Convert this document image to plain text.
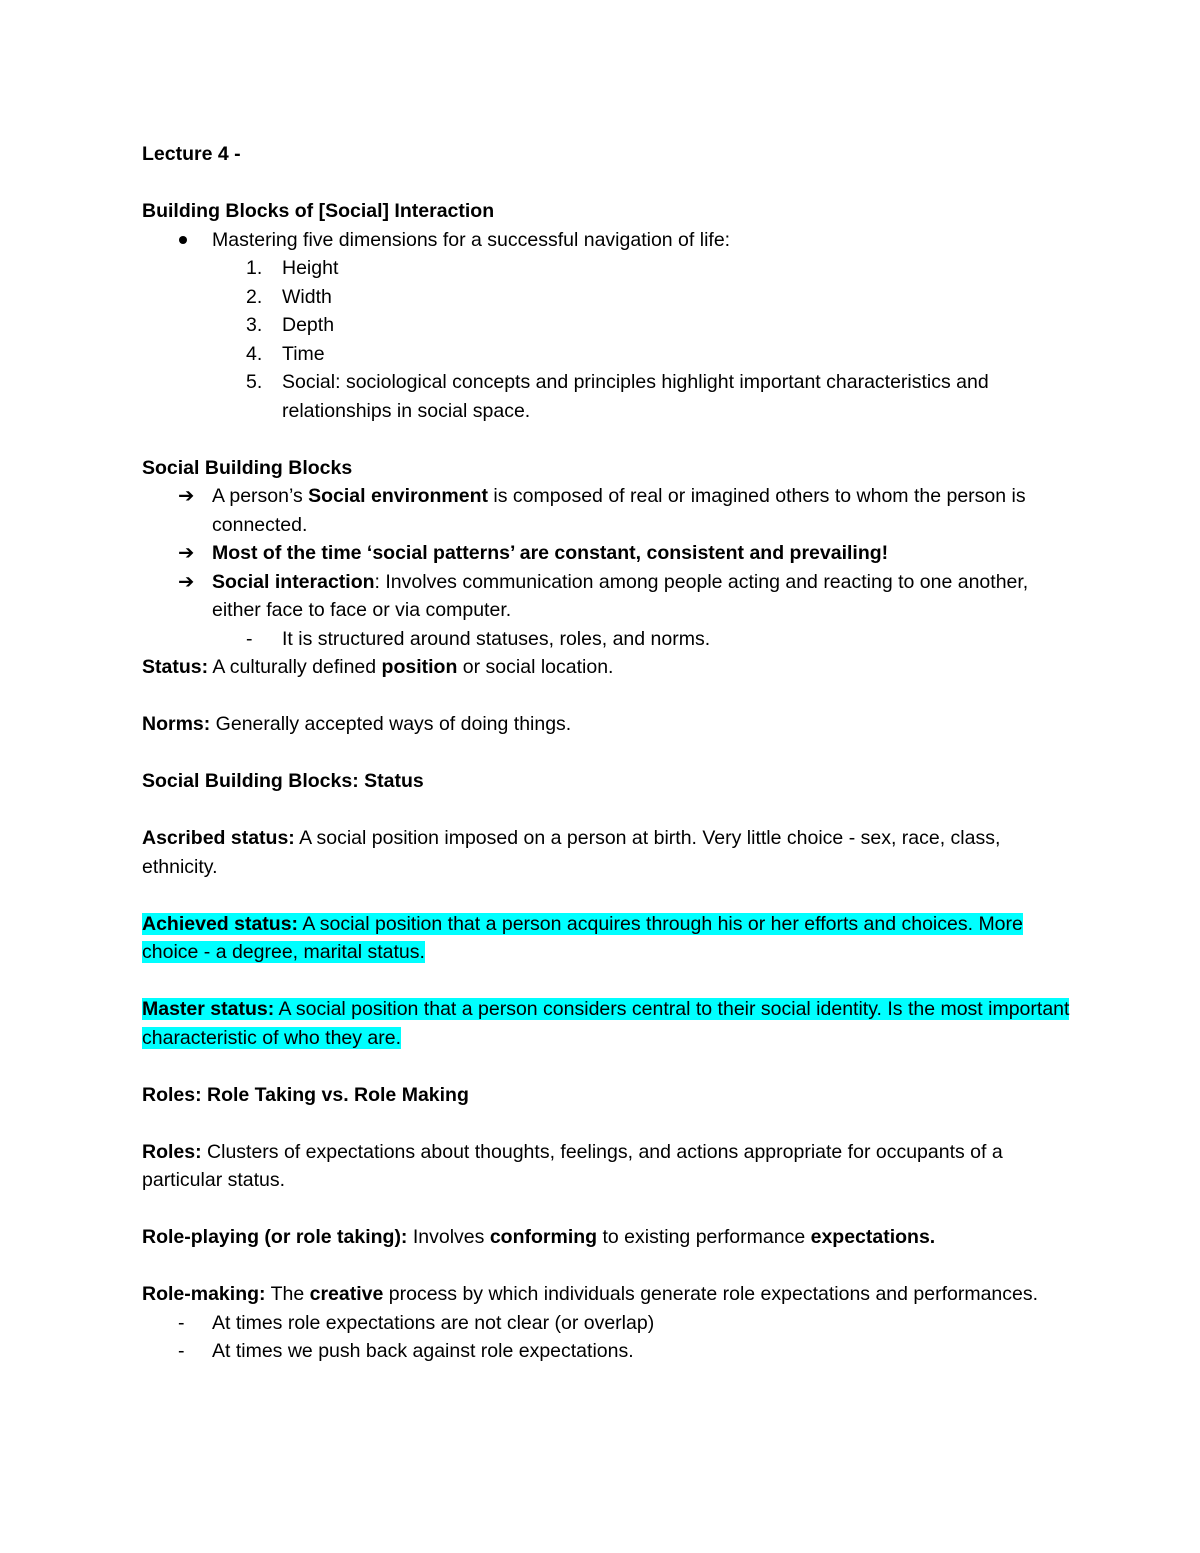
Lecture 4 -

Building Blocks of [Social] Interaction

Mastering five dimensions for a successful navigation of life:
1. Height
2. Width
3. Depth
4. Time
5. Social: sociological concepts and principles highlight important characteristics and relationships in social space.

Social Building Blocks

➔ A person’s Social environment is composed of real or imagined others to whom the person is connected.
➔ Most of the time ‘social patterns’ are constant, consistent and prevailing!
➔ Social interaction: Involves communication among people acting and reacting to one another, either face to face or via computer.
- It is structured around statuses, roles, and norms.

Status: A culturally defined position or social location.

Norms: Generally accepted ways of doing things.

Social Building Blocks: Status

Ascribed status: A social position imposed on a person at birth. Very little choice - sex, race, class, ethnicity.

Achieved status: A social position that a person acquires through his or her efforts and choices. More choice - a degree, marital status.

Master status: A social position that a person considers central to their social identity. Is the most important characteristic of who they are.

Roles: Role Taking vs. Role Making

Roles: Clusters of expectations about thoughts, feelings, and actions appropriate for occupants of a particular status.

Role-playing (or role taking): Involves conforming to existing performance expectations.

Role-making: The creative process by which individuals generate role expectations and performances.

- At times role expectations are not clear (or overlap)
- At times we push back against role expectations.
